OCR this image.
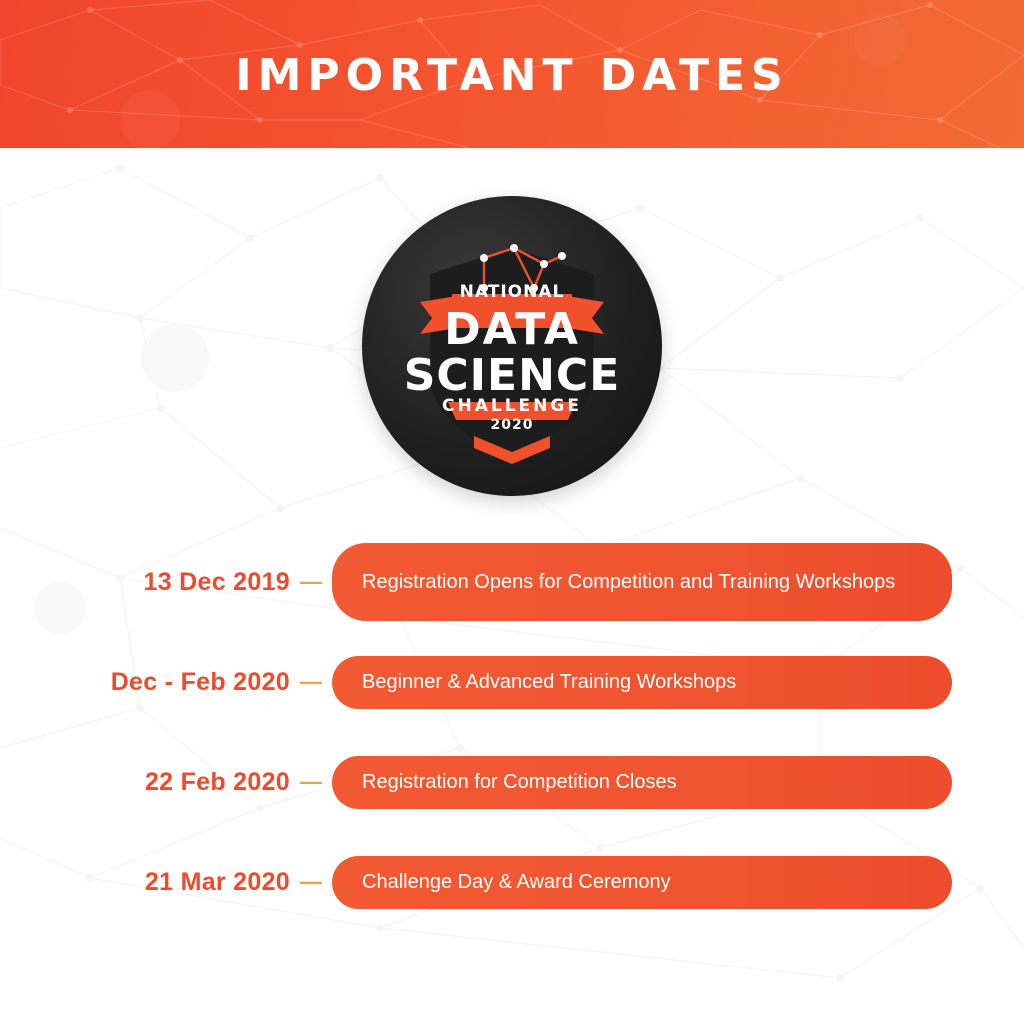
IMPORTANT DATES
NATIONAL
DATA
SCIENCE
CHALLENGE
2020
13 Dec 2019 —	Registration Opens for Competition and Training Workshops
Dec - Feb 2020 —	Beginner & Advanced Training Workshops
22 Feb 2020 —	Registration for Competition Closes
21 Mar 2020 —	Challenge Day & Award Ceremony
